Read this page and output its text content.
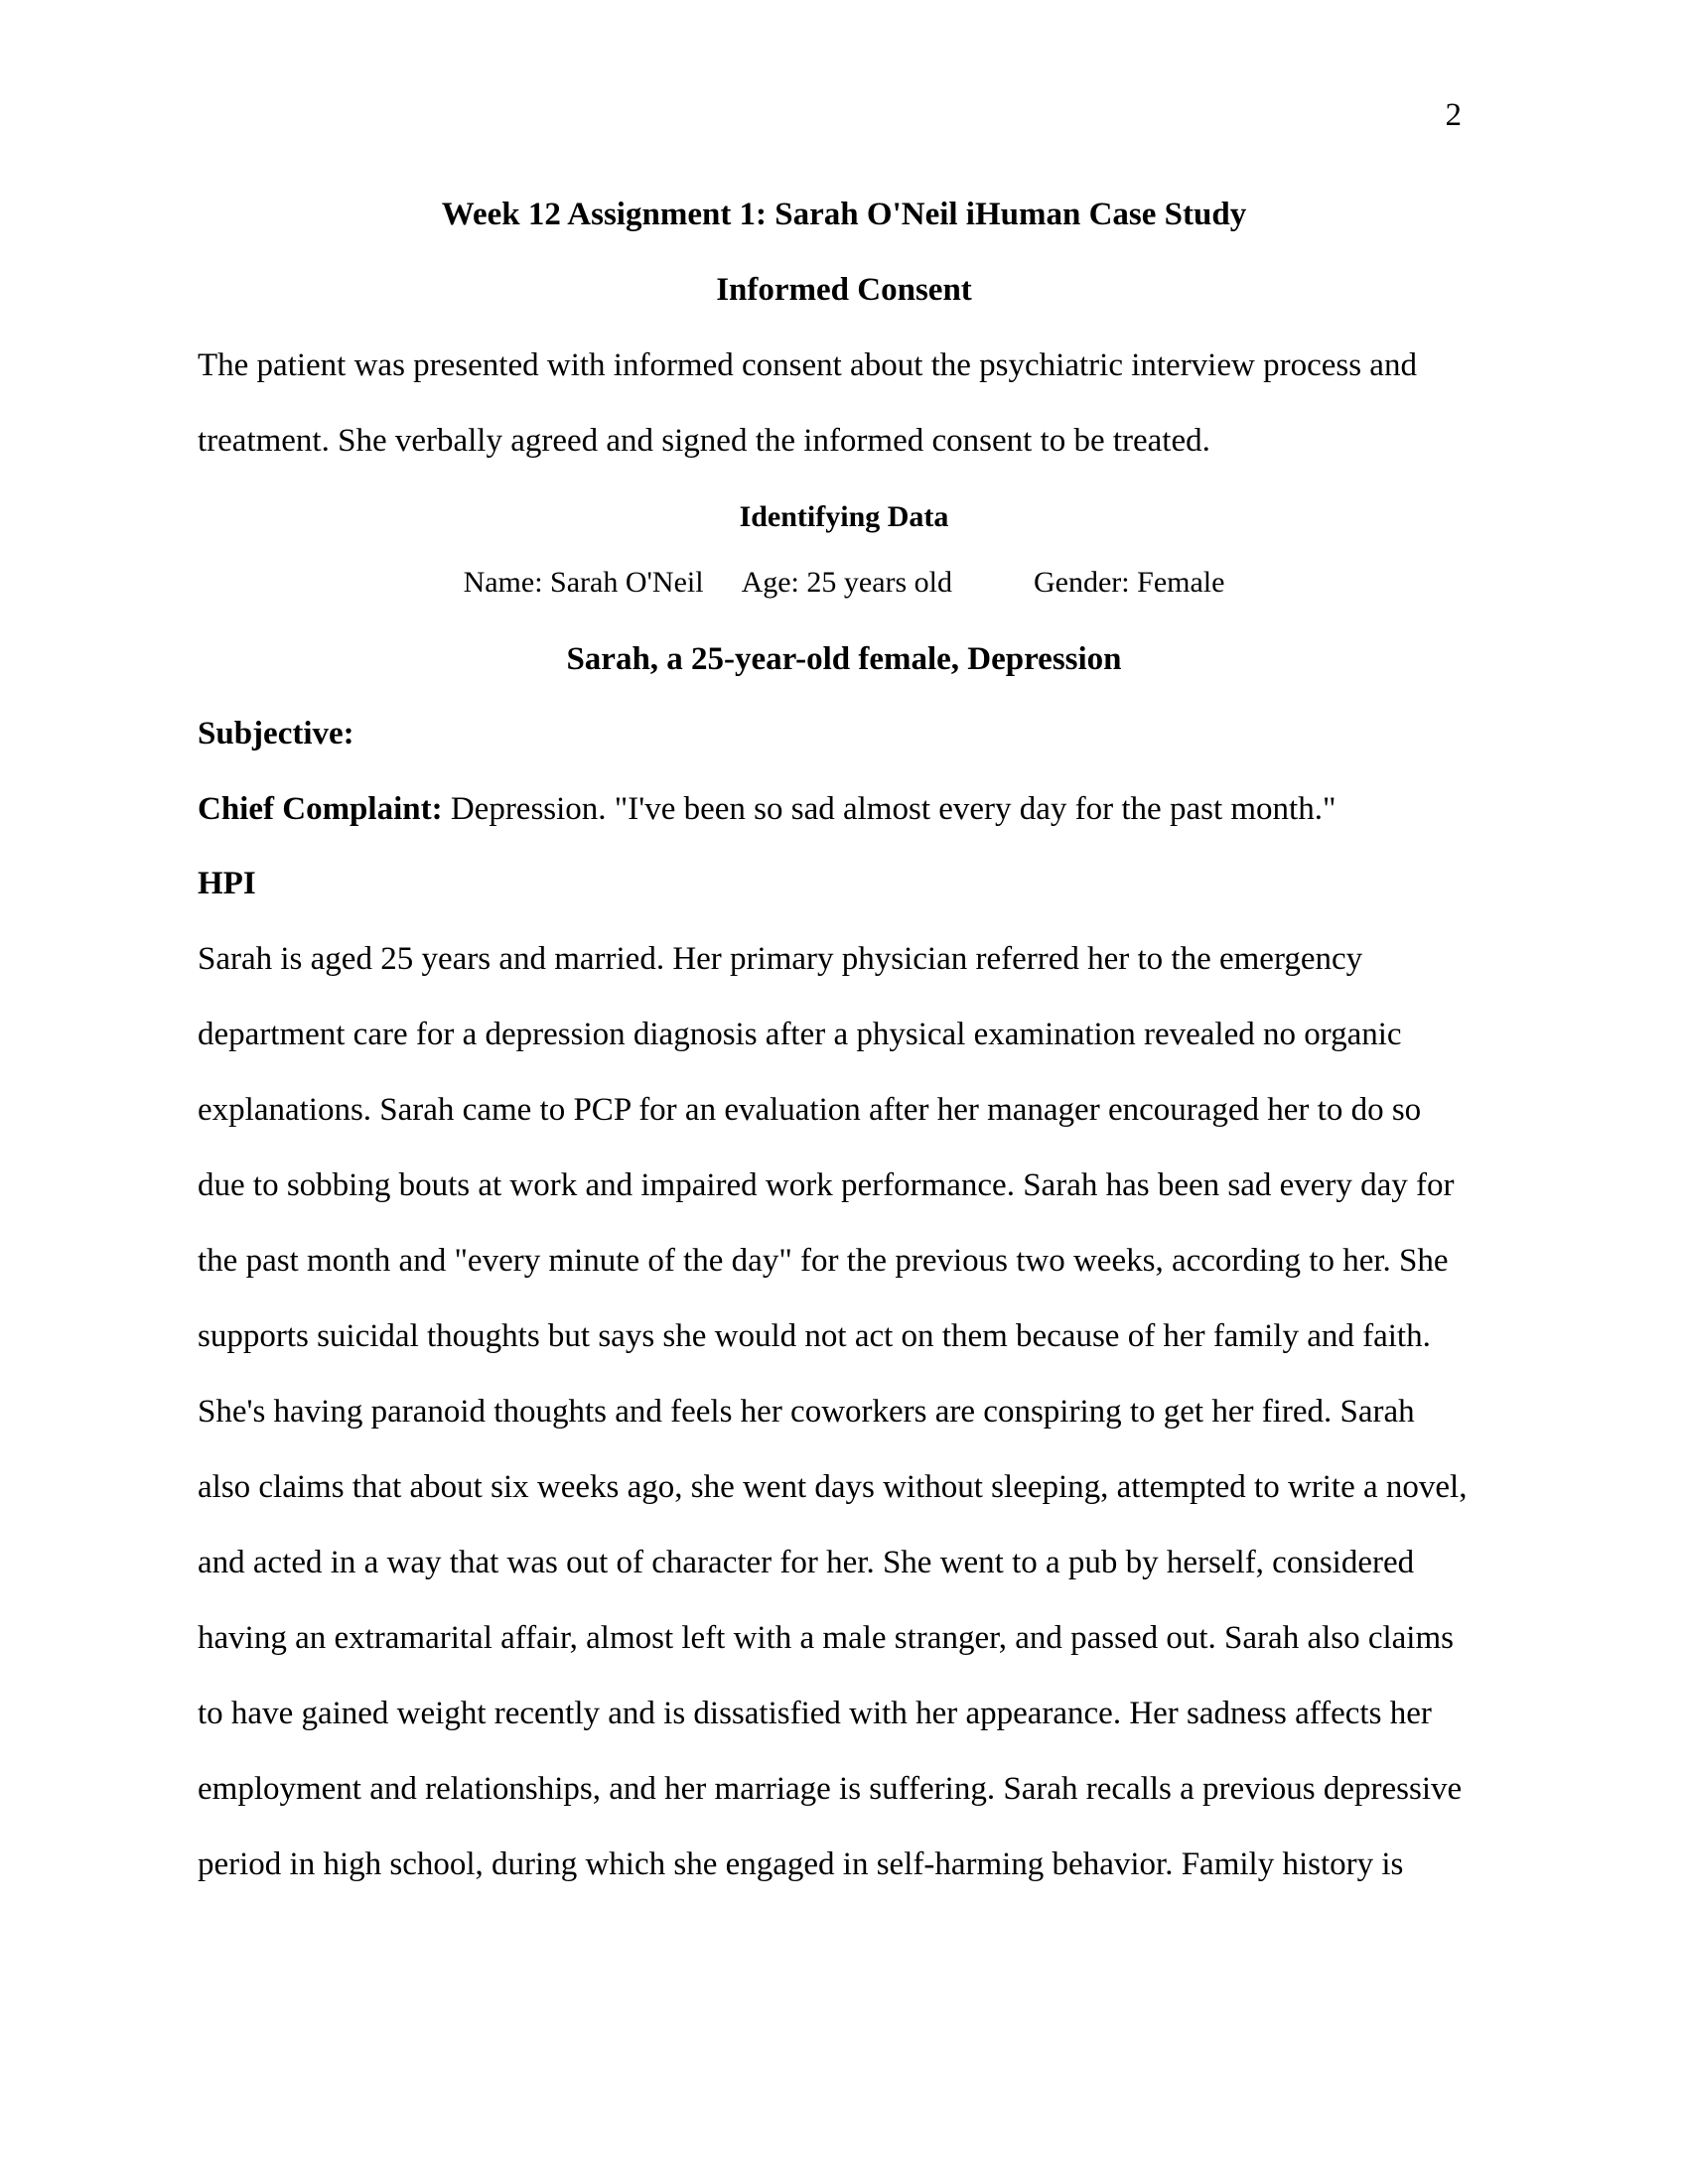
2
Week 12 Assignment 1: Sarah O'Neil iHuman Case Study
Informed Consent
The patient was presented with informed consent about the psychiatric interview process and
treatment. She verbally agreed and signed the informed consent to be treated.
Identifying Data
Name: Sarah O'Neil Age: 25 years old	Gender: Female
Sarah, a 25-year-old female, Depression
Subjective:
Chief Complaint: Depression. "I've been so sad almost every day for the past month."
HPI
Sarah is aged 25 years and married. Her primary physician referred her to the emergency
department care for a depression diagnosis after a physical examination revealed no organic
explanations. Sarah came to PCP for an evaluation after her manager encouraged her to do so
due to sobbing bouts at work and impaired work performance. Sarah has been sad every day for
the past month and "every minute of the day" for the previous two weeks, according to her. She
supports suicidal thoughts but says she would not act on them because of her family and faith.
She's having paranoid thoughts and feels her coworkers are conspiring to get her fired. Sarah
also claims that about six weeks ago, she went days without sleeping, attempted to write a novel,
and acted in a way that was out of character for her. She went to a pub by herself, considered
having an extramarital affair, almost left with a male stranger, and passed out. Sarah also claims
to have gained weight recently and is dissatisfied with her appearance. Her sadness affects her
employment and relationships, and her marriage is suffering. Sarah recalls a previous depressive
period in high school, during which she engaged in self-harming behavior. Family history is
